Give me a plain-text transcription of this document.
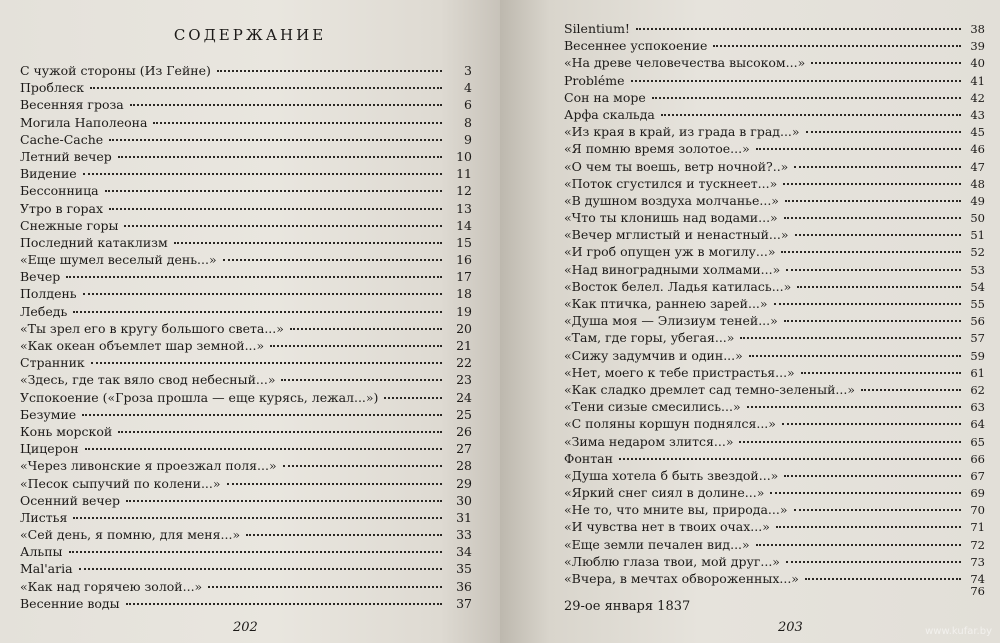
СОДЕРЖАНИЕ
С чужой стороны (Из Гейне)	3
Проблеск	4
Весенняя гроза	6
Могила Наполеона	8
Cache-Cache	9
Летний вечер	10
Видение	11
Бессонница	12
Утро в горах	13
Снежные горы	14
Последний катаклизм	15
«Еще шумел веселый день...»	16
Вечер	17
Полдень	18
Лебедь	19
«Ты зрел его в кругу большого света...»	20
«Как океан объемлет шар земной...»	21
Странник	22
«Здесь, где так вяло свод небесный...»	23
Успокоение («Гроза прошла — еще курясь, лежал...»)	24
Безумие	25
Конь морской	26
Цицерон	27
«Через ливонские я проезжал поля...»	28
«Песок сыпучий по колени...»	29
Осенний вечер	30
Листья	31
«Сей день, я помню, для меня...»	33
Альпы	34
Mal'aria	35
«Как над горячею золой...»	36
Весенние воды	37
202
Silentium!	38
Весеннее успокоение	39
«На древе человечества высоком...»	40
Probléme	41
Сон на море	42
Арфа скальда	43
«Из края в край, из града в град...»	45
«Я помню время золотое...»	46
«О чем ты воешь, ветр ночной?..»	47
«Поток сгустился и тускнеет...»	48
«В душном воздуха молчанье...»	49
«Что ты клонишь над водами...»	50
«Вечер мглистый и ненастный...»	51
«И гроб опущен уж в могилу...»	52
«Над виноградными холмами...»	53
«Восток белел. Ладья катилась...»	54
«Как птичка, раннею зарей...»	55
«Душа моя — Элизиум теней...»	56
«Там, где горы, убегая...»	57
«Сижу задумчив и один...»	59
«Нет, моего к тебе пристрастья...»	61
«Как сладко дремлет сад темно-зеленый...»	62
«Тени сизые смесились...»	63
«С поляны коршун поднялся...»	64
«Зима недаром злится...»	65
Фонтан	66
«Душа хотела б быть звездой...»	67
«Яркий снег сиял в долине...»	69
«Не то, что мните вы, природа...»	70
«И чувства нет в твоих очах...»	71
«Еще земли печален вид...»	72
«Люблю глаза твои, мой друг...»	73
«Вчера, в мечтах обвороженных...»	74
76
29-ое января 1837
203	www.kufar.by
